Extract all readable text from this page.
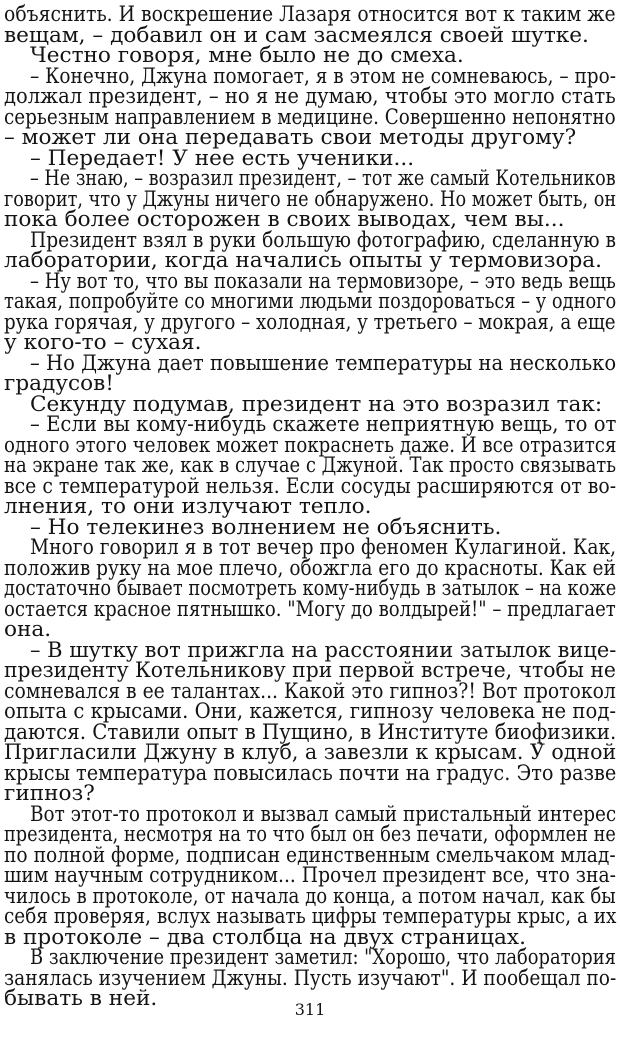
объяснить. И воскрешение Лазаря относится вот к таким же
вещам, – добавил он и сам засмеялся своей шутке.
Честно говоря, мне было не до смеха.
– Конечно, Джуна помогает, я в этом не сомневаюсь, – про-
должал президент, – но я не думаю, чтобы это могло стать
серьезным направлением в медицине. Совершенно непонятно
– может ли она передавать свои методы другому?
– Передает! У нее есть ученики...
– Не знаю, – возразил президент, – тот же самый Котельников
говорит, что у Джуны ничего не обнаружено. Но может быть, он
пока более осторожен в своих выводах, чем вы...
Президент взял в руки большую фотографию, сделанную в
лаборатории, когда начались опыты у термовизора.
– Ну вот то, что вы показали на термовизоре, – это ведь вещь
такая, попробуйте со многими людьми поздороваться – у одного
рука горячая, у другого – холодная, у третьего – мокрая, а еще
у кого-то – сухая.
– Но Джуна дает повышение температуры на несколько
градусов!
Секунду подумав, президент на это возразил так:
– Если вы кому-нибудь скажете неприятную вещь, то от
одного этого человек может покраснеть даже. И все отразится
на экране так же, как в случае с Джуной. Так просто связывать
все с температурой нельзя. Если сосуды расширяются от во-
лнения, то они излучают тепло.
– Но телекинез волнением не объяснить.
Много говорил я в тот вечер про феномен Кулагиной. Как,
положив руку на мое плечо, обожгла его до красноты. Как ей
достаточно бывает посмотреть кому-нибудь в затылок – на коже
остается красное пятнышко. "Могу до волдырей!" – предлагает
она.
– В шутку вот прижгла на расстоянии затылок вице-
президенту Котельникову при первой встрече, чтобы не
сомневался в ее талантах... Какой это гипноз?! Вот протокол
опыта с крысами. Они, кажется, гипнозу человека не под-
даются. Ставили опыт в Пущино, в Институте биофизики.
Пригласили Джуну в клуб, а завезли к крысам. У одной
крысы температура повысилась почти на градус. Это разве
гипноз?
Вот этот-то протокол и вызвал самый пристальный интерес
президента, несмотря на то что был он без печати, оформлен не
по полной форме, подписан единственным смельчаком млад-
шим научным сотрудником... Прочел президент все, что зна-
чилось в протоколе, от начала до конца, а потом начал, как бы
себя проверяя, вслух называть цифры температуры крыс, а их
в протоколе – два столбца на двух страницах.
В заключение президент заметил: "Хорошо, что лаборатория
занялась изучением Джуны. Пусть изучают". И пообещал по-
бывать в ней.	311
